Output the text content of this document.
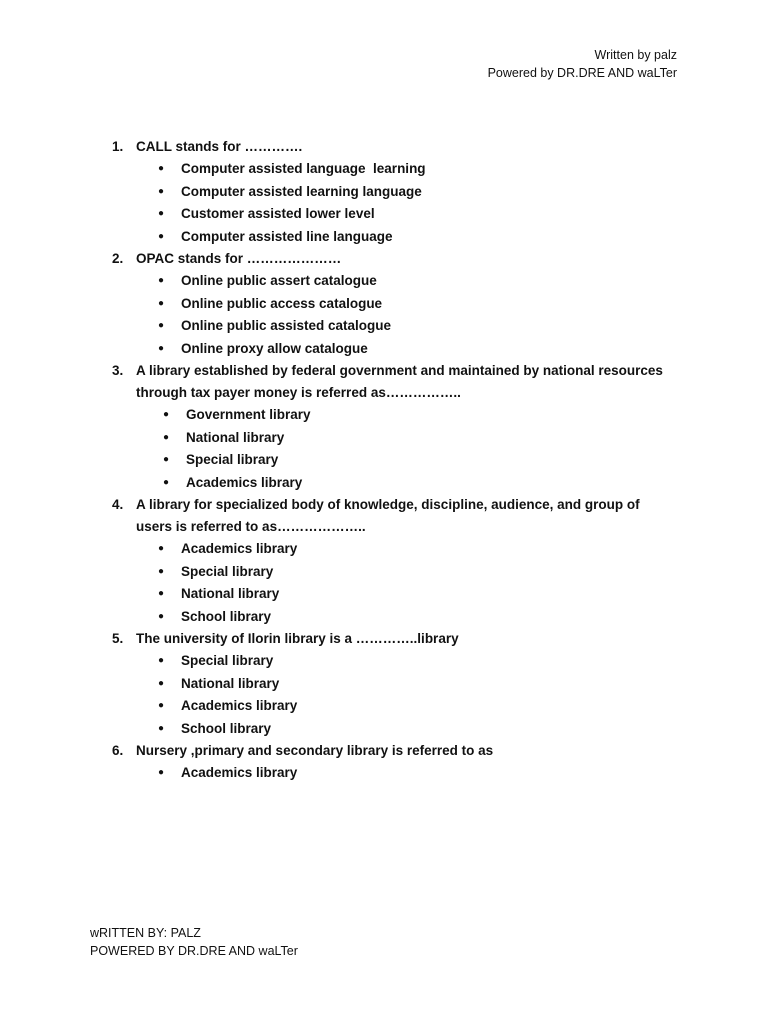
Written by palz
Powered by DR.DRE AND waLTer
1. CALL stands for ………….
● Computer assisted language  learning
● Computer assisted learning language
● Customer assisted lower level
● Computer assisted line language
2. OPAC stands for …………………
● Online public assert catalogue
● Online public access catalogue
● Online public assisted catalogue
● Online proxy allow catalogue
3. A library established by federal government and maintained by national resources through tax payer money is referred as……………..
● Government library
● National library
● Special library
● Academics library
4. A library for specialized body of knowledge, discipline, audience, and group of users is referred to as………………..
● Academics library
● Special library
● National library
● School library
5. The university of Ilorin library is a …………..library
● Special library
● National library
● Academics library
● School library
6. Nursery ,primary and secondary library is referred to as
● Academics library
wRITTEN BY: PALZ
POWERED BY DR.DRE AND waLTer
